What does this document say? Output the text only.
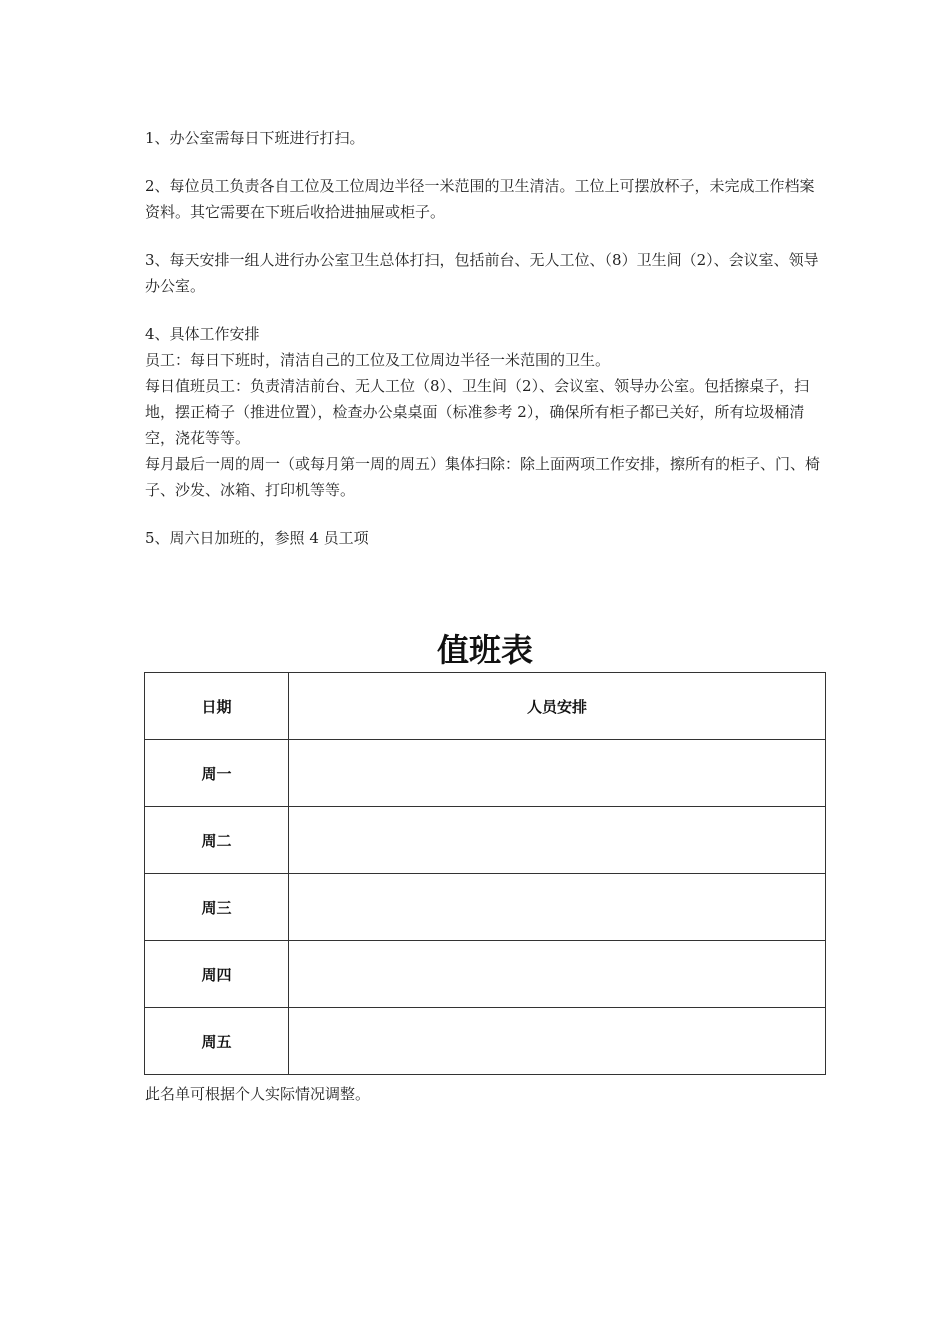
1、办公室需每日下班进行打扫。

2、每位员工负责各自工位及工位周边半径一米范围的卫生清洁。工位上可摆放杯子，未完成工作档案资料。其它需要在下班后收拾进抽屉或柜子。

3、每天安排一组人进行办公室卫生总体打扫，包括前台、无人工位、（8）卫生间（2）、会议室、领导办公室。

4、具体工作安排

员工：每日下班时，清洁自己的工位及工位周边半径一米范围的卫生。

每日值班员工：负责清洁前台、无人工位（8）、卫生间（2）、会议室、领导办公室。包括擦桌子，扫地，摆正椅子（推进位置），检查办公桌桌面（标准参考 2），确保所有柜子都已关好，所有垃圾桶清空，浇花等等。

每月最后一周的周一（或每月第一周的周五）集体扫除：除上面两项工作安排，擦所有的柜子、门、椅子、沙发、冰箱、打印机等等。

5、周六日加班的，参照 4 员工项

值班表
日期	人员安排
周一	
周二	
周三	
周四	
周五	

此名单可根据个人实际情况调整。
